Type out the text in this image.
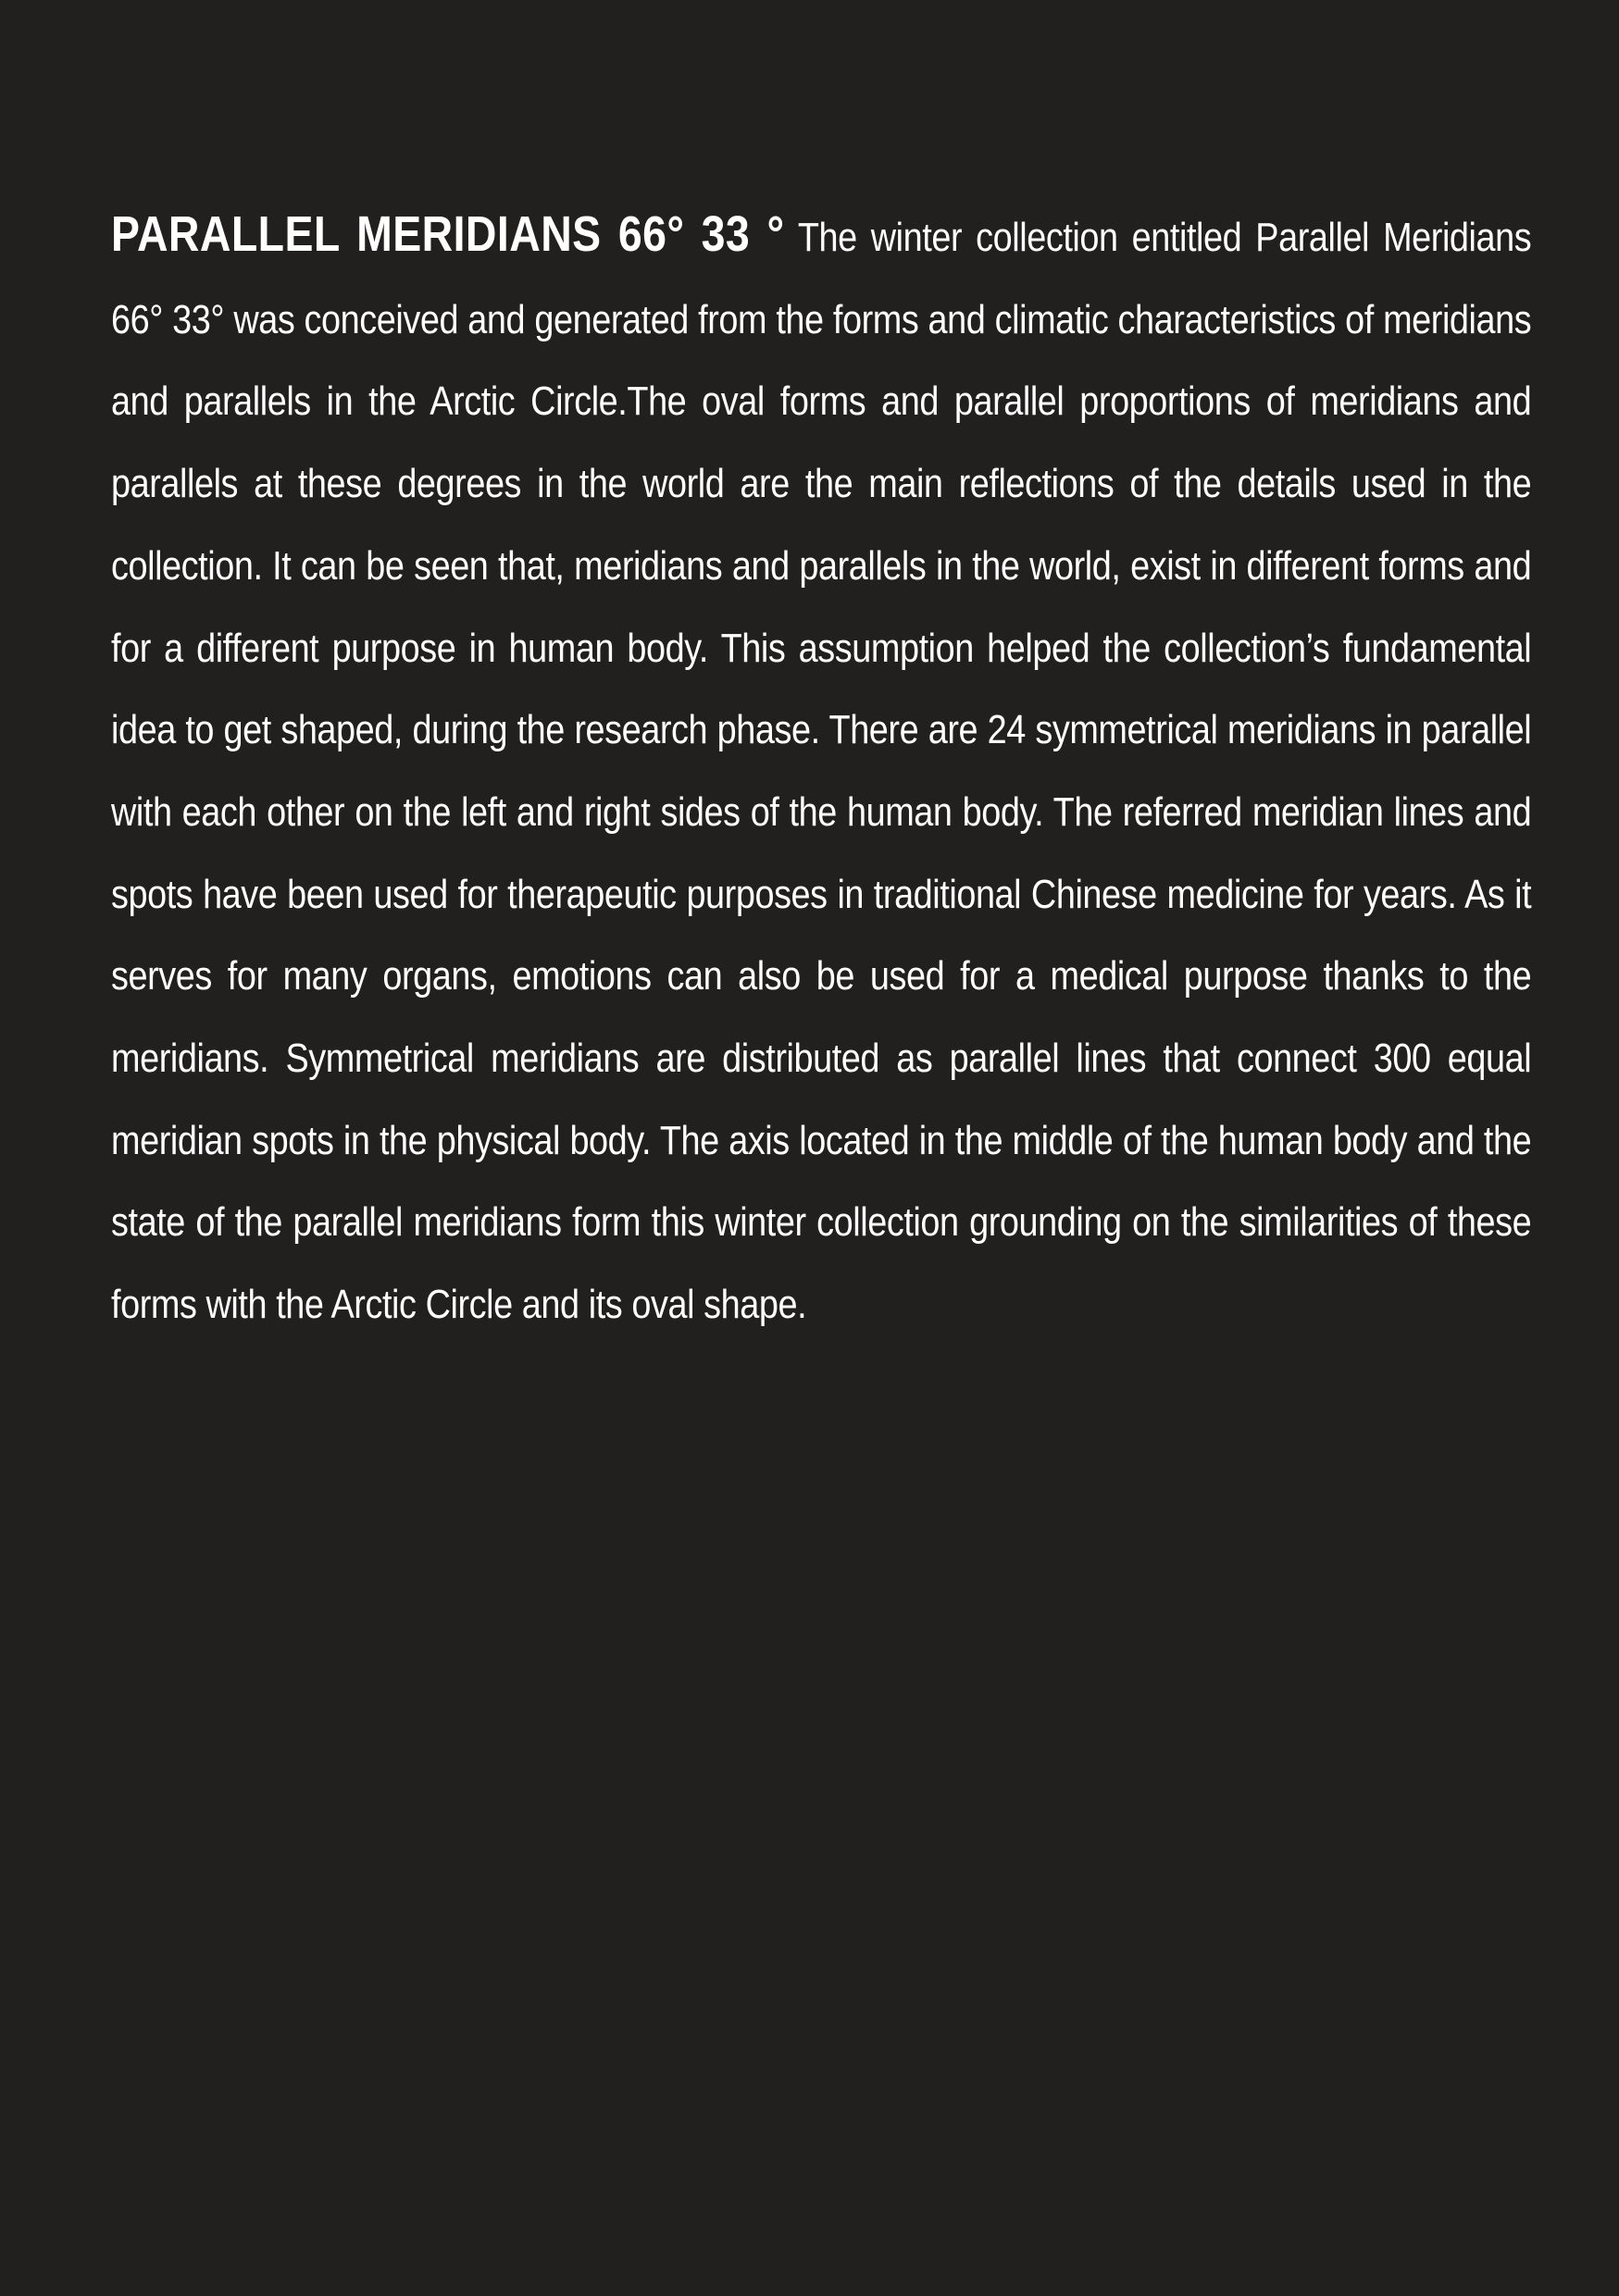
PARALLEL MERIDIANS 66° 33 ° The winter collection entitled Parallel Meridians 66° 33° was conceived and generated from the forms and climatic characteristics of meridians and parallels in the Arctic Circle.The oval forms and parallel proportions of meridians and parallels at these degrees in the world are the main reflections of the details used in the collection. It can be seen that, meridians and parallels in the world, exist in different forms and for a different purpose in human body. This assumption helped the collection’s fundamental idea to get shaped, during the research phase. There are 24 symmetrical meridians in parallel with each other on the left and right sides of the human body. The referred meridian lines and spots have been used for therapeutic purposes in traditional Chinese medicine for years. As it serves for many organs, emotions can also be used for a medical purpose thanks to the meridians. Symmetrical meridians are distributed as parallel lines that connect 300 equal meridian spots in the physical body. The axis located in the middle of the human body and the state of the parallel meridians form this winter collection grounding on the similarities of these forms with the Arctic Circle and its oval shape.
